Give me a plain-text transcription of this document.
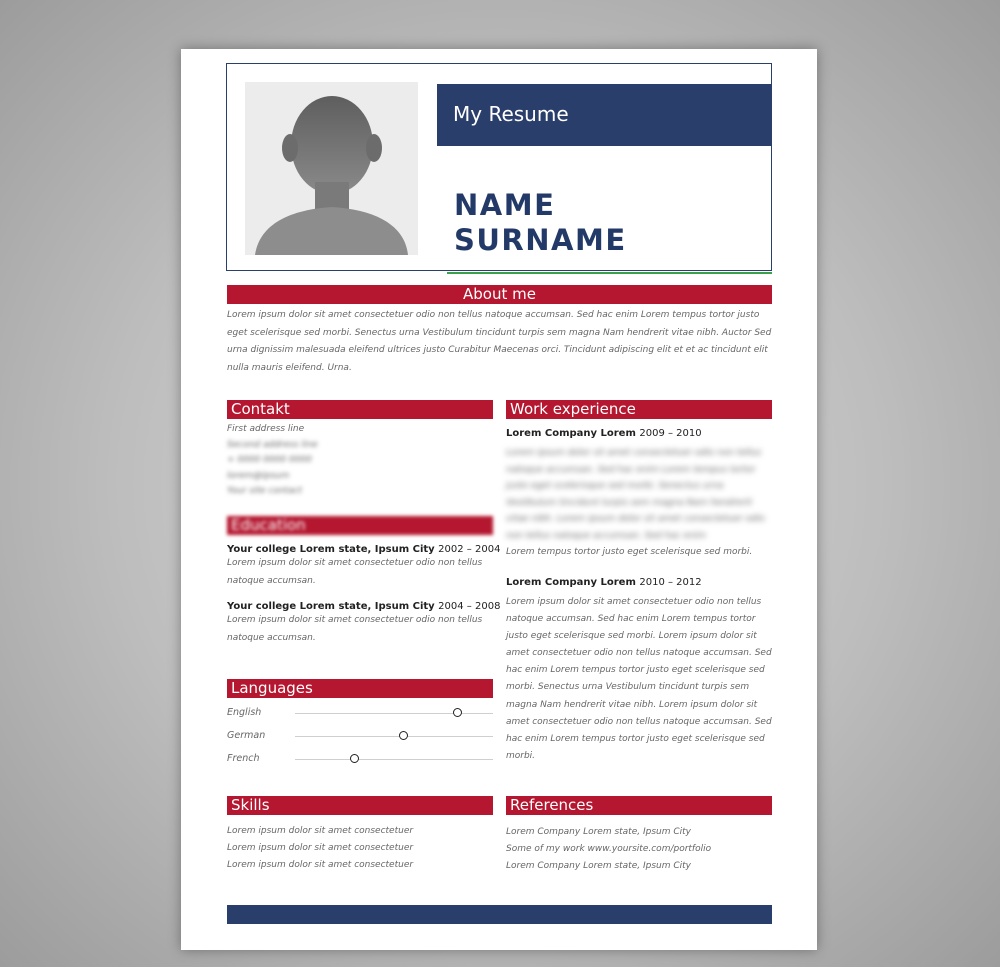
My Resume
NAME
SURNAME
About me
Lorem ipsum dolor sit amet consectetuer odio non tellus natoque accumsan. Sed hac enim Lorem tempus tortor justo eget scelerisque sed morbi. Senectus urna Vestibulum tincidunt turpis sem magna Nam hendrerit vitae nibh. Auctor Sed urna dignissim malesuada eleifend ultrices justo Curabitur Maecenas orci. Tincidunt adipiscing elit et et ac tincidunt elit nulla mauris eleifend. Urna.
Contakt
First address line
Second address line
+ 0000 0000 0000
lorem@ipsum
Your site contact
Education
Your college Lorem state, Ipsum City 2002 – 2004
Lorem ipsum dolor sit amet consectetuer odio non tellus natoque accumsan.
Your college Lorem state, Ipsum City 2004 – 2008
Lorem ipsum dolor sit amet consectetuer odio non tellus natoque accumsan.
Languages
English
German
French
Skills
Lorem ipsum dolor sit amet consectetuer
Lorem ipsum dolor sit amet consectetuer
Lorem ipsum dolor sit amet consectetuer
Work experience
Lorem Company Lorem 2009 – 2010
Lorem ipsum dolor sit amet consectetuer odio non tellus natoque accumsan. Sed hac enim Lorem tempus tortor justo eget scelerisque sed morbi. Senectus urna Vestibulum tincidunt turpis sem magna Nam hendrerit vitae nibh. Lorem ipsum dolor sit amet consectetuer odio non tellus natoque accumsan. Sed hac enim
Lorem tempus tortor justo eget scelerisque sed morbi.
Lorem Company Lorem 2010 – 2012
Lorem ipsum dolor sit amet consectetuer odio non tellus natoque accumsan. Sed hac enim Lorem tempus tortor justo eget scelerisque sed morbi. Lorem ipsum dolor sit amet consectetuer odio non tellus natoque accumsan. Sed hac enim Lorem tempus tortor justo eget scelerisque sed morbi. Senectus urna Vestibulum tincidunt turpis sem magna Nam hendrerit vitae nibh. Lorem ipsum dolor sit amet consectetuer odio non tellus natoque accumsan. Sed hac enim Lorem tempus tortor justo eget scelerisque sed morbi.
References
Lorem Company Lorem state, Ipsum City
Some of my work www.yoursite.com/portfolio
Lorem Company Lorem state, Ipsum City
